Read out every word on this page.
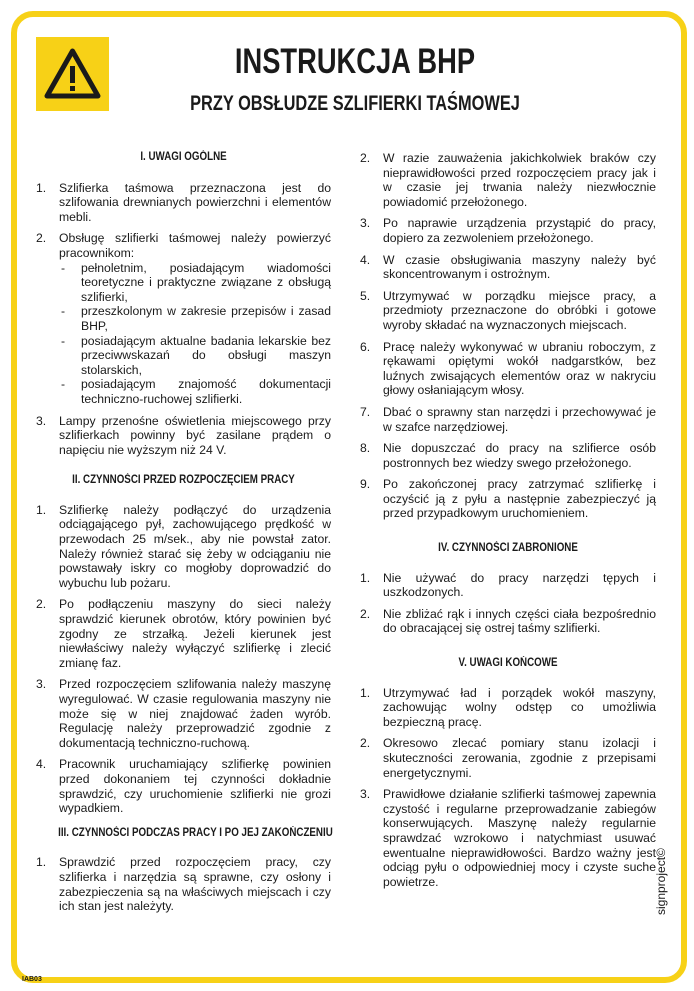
INSTRUKCJA BHP
PRZY OBSŁUDZE SZLIFIERKI TAŚMOWEJ

I. UWAGI OGÓLNE

1. Szlifierka taśmowa przeznaczona jest do szlifowania drewnianych powierzchni i elementów mebli.
2. Obsługę szlifierki taśmowej należy powierzyć pracownikom:
- pełnoletnim, posiadającym wiadomości teoretyczne i praktyczne związane z obsługą szlifierki,
- przeszkolonym w zakresie przepisów i zasad BHP,
- posiadającym aktualne badania lekarskie bez przeciwwskazań do obsługi maszyn stolarskich,
- posiadającym znajomość dokumentacji techniczno-ruchowej szlifierki.
3. Lampy przenośne oświetlenia miejscowego przy szlifierkach powinny być zasilane prądem o napięciu nie wyższym niż 24 V.

II. CZYNNOŚCI PRZED ROZPOCZĘCIEM PRACY

1. Szlifierkę należy podłączyć do urządzenia odciągającego pył, zachowującego prędkość w przewodach 25 m/sek., aby nie powstał zator. Należy również starać się żeby w odciąganiu nie powstawały iskry co mogłoby doprowadzić do wybuchu lub pożaru.
2. Po podłączeniu maszyny do sieci należy sprawdzić kierunek obrotów, który powinien być zgodny ze strzałką. Jeżeli kierunek jest niewłaściwy należy wyłączyć szlifierkę i zlecić zmianę faz.
3. Przed rozpoczęciem szlifowania należy maszynę wyregulować. W czasie regulowania maszyny nie może się w niej znajdować żaden wyrób. Regulację należy przeprowadzić zgodnie z dokumentacją techniczno-ruchową.
4. Pracownik uruchamiający szlifierkę powinien przed dokonaniem tej czynności dokładnie sprawdzić, czy uruchomienie szlifierki nie grozi wypadkiem.

III. CZYNNOŚCI PODCZAS PRACY I PO JEJ ZAKOŃCZENIU

1. Sprawdzić przed rozpoczęciem pracy, czy szlifierka i narzędzia są sprawne, czy osłony i zabezpieczenia są na właściwych miejscach i czy ich stan jest należyty.
2. W razie zauważenia jakichkolwiek braków czy nieprawidłowości przed rozpoczęciem pracy jak i w czasie jej trwania należy niezwłocznie powiadomić przełożonego.
3. Po naprawie urządzenia przystąpić do pracy, dopiero za zezwoleniem przełożonego.
4. W czasie obsługiwania maszyny należy być skoncentrowanym i ostrożnym.
5. Utrzymywać w porządku miejsce pracy, a przedmioty przeznaczone do obróbki i gotowe wyroby składać na wyznaczonych miejscach.
6. Pracę należy wykonywać w ubraniu roboczym, z rękawami opiętymi wokół nadgarstków, bez luźnych zwisających elementów oraz w nakryciu głowy osłaniającym włosy.
7. Dbać o sprawny stan narzędzi i przechowywać je w szafce narzędziowej.
8. Nie dopuszczać do pracy na szlifierce osób postronnych bez wiedzy swego przełożonego.
9. Po zakończonej pracy zatrzymać szlifierkę i oczyścić ją z pyłu a następnie zabezpieczyć ją przed przypadkowym uruchomieniem.

IV. CZYNNOŚCI ZABRONIONE

1. Nie używać do pracy narzędzi tępych i uszkodzonych.
2. Nie zbliżać rąk i innych części ciała bezpośrednio do obracającej się ostrej taśmy szlifierki.

V. UWAGI KOŃCOWE

1. Utrzymywać ład i porządek wokół maszyny, zachowując wolny odstęp co umożliwia bezpieczną pracę.
2. Okresowo zlecać pomiary stanu izolacji i skuteczności zerowania, zgodnie z przepisami energetycznymi.
3. Prawidłowe działanie szlifierki taśmowej zapewnia czystość i regularne przeprowadzanie zabiegów konserwujących. Maszynę należy regularnie sprawdzać wzrokowo i natychmiast usuwać ewentualne nieprawidłowości. Bardzo ważny jest odciąg pyłu o odpowiedniej mocy i czyste suche powietrze.	signproject©
IAB03
